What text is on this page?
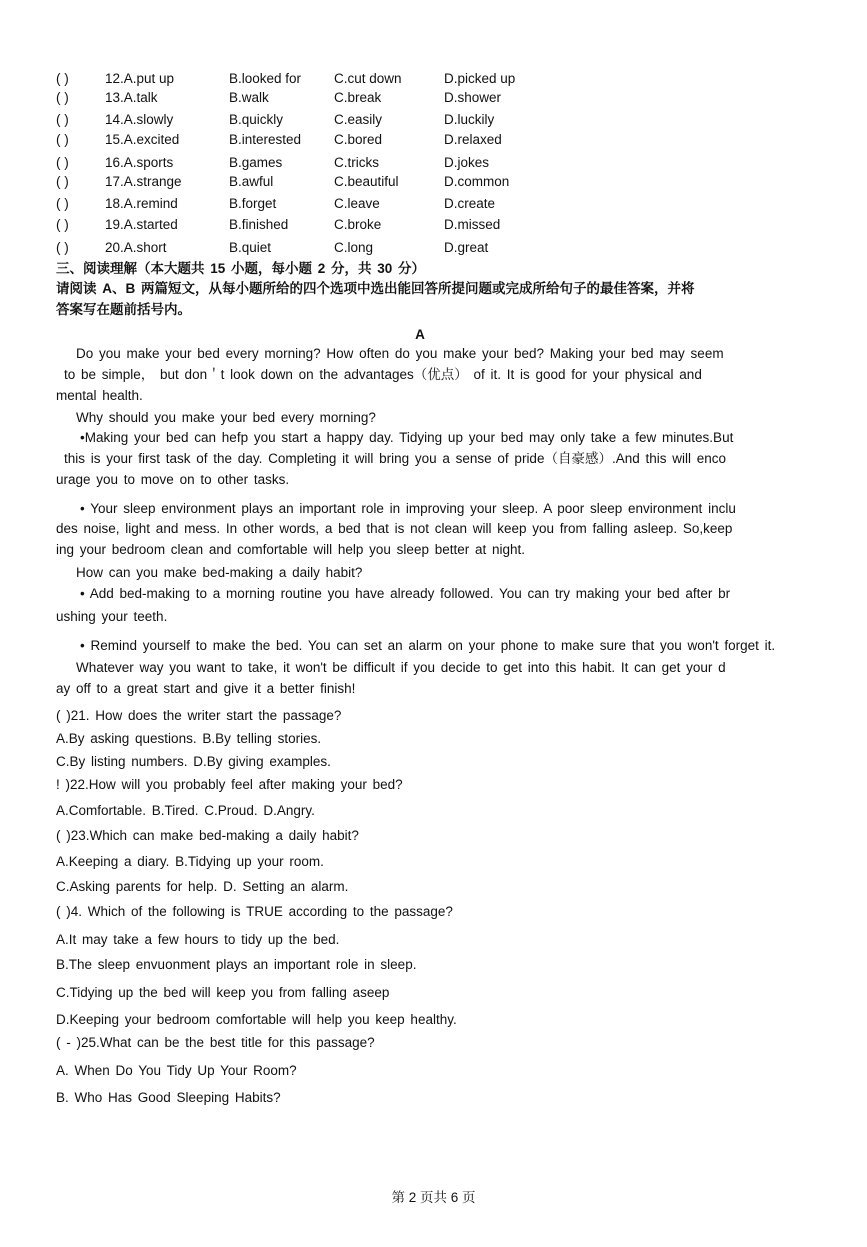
( )	12.A.put up	B.looked for C.cut down	D.picked up
( )	13.A.talk	B.walk	C.break	D.shower
( )	14.A.slowly	B.quickly	C.easily	D.luckily
( )	15.A.excited	B.interested C.bored	D.relaxed
( )	16.A.sports	B.games	C.tricks	D.jokes
( )	17.A.strange	B.awful	C.beautiful	D.common
( )	18.A.remind	B.forget	C.leave	D.create
( )	19.A.started	B.finished	C.broke	D.missed
( )	20.A.short	B.quiet	C.long	D.great
三、阅读理解（本大题共 15 小题，每小题 2 分，共 30 分）
请阅读 A、B 两篇短文，从每小题所给的四个选项中选出能回答所提问题或完成所给句子的最佳答案，并将
答案写在题前括号内。
A
Do you make your bed every morning? How often do you make your bed? Making your bed may seem
to be simple， but don＇t look down on the advantages（优点） of it. It is good for your physical and
mental health.
Why should you make your bed every morning?
•Making your bed can hefp you start a happy day. Tidying up your bed may only take a few minutes.But
this is your first task of the day. Completing it will bring you a sense of pride（自豪感）.And this will enco
urage you to move on to other tasks.
• Your sleep environment plays an important role in improving your sleep. A poor sleep environment inclu
des noise, light and mess. In other words, a bed that is not clean will keep you from falling asleep. So,keep
ing your bedroom clean and comfortable will help you sleep better at night.
How can you make bed-making a daily habit?
• Add bed-making to a morning routine you have already followed. You can try making your bed after br
ushing your teeth.
• Remind yourself to make the bed. You can set an alarm on your phone to make sure that you won't forget it.
Whatever way you want to take, it won't be difficult if you decide to get into this habit. It can get your d
ay off to a great start and give it a better finish!
( )21. How does the writer start the passage?
A.By asking questions. B.By telling stories.
C.By listing numbers. D.By giving examples.
! )22.How will you probably feel after making your bed?
A.Comfortable. B.Tired. C.Proud. D.Angry.
( )23.Which can make bed-making a daily habit?
A.Keeping a diary. B.Tidying up your room.
C.Asking parents for help. D. Setting an alarm.
( )4. Which of the following is TRUE according to the passage?
A.It may take a few hours to tidy up the bed.
B.The sleep envuonment plays an important role in sleep.
C.Tidying up the bed will keep you from falling aseep
D.Keeping your bedroom comfortable will help you keep healthy.
( - )25.What can be the best title for this passage?
A. When Do You Tidy Up Your Room?
B. Who Has Good Sleeping Habits?
第 2 页共 6 页
